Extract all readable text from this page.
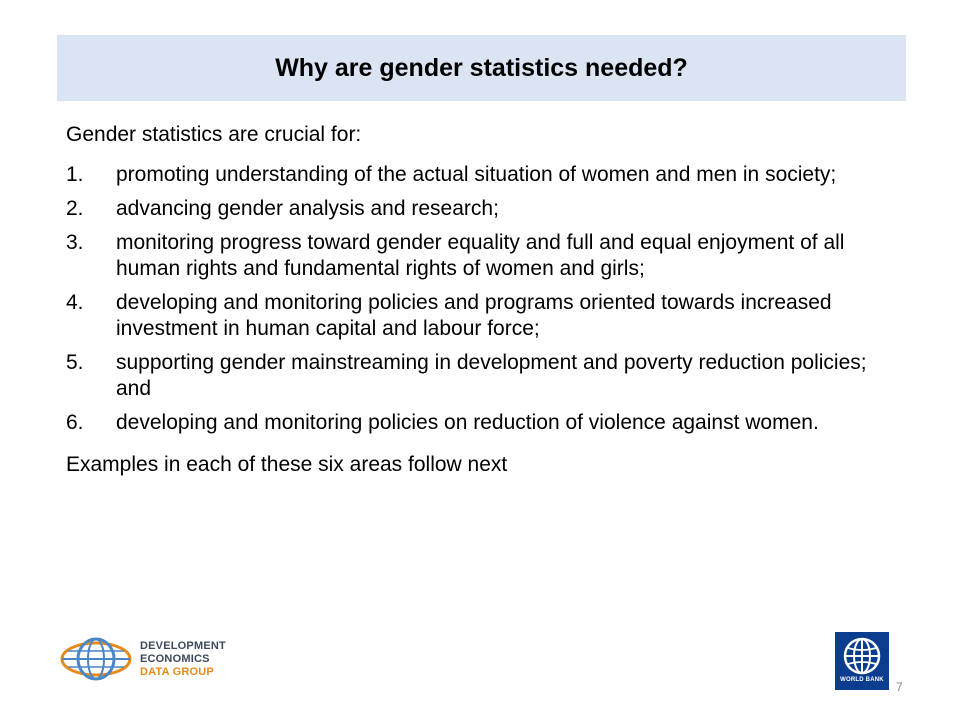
Why are gender statistics needed?

Gender statistics are crucial for:

1.	promoting understanding of the actual situation of women and men in society;
2.	advancing gender analysis and research;
3.	monitoring progress toward gender equality and full and equal enjoyment of all human rights and fundamental rights of women and girls;
4.	developing and monitoring policies and programs oriented towards increased investment in human capital and labour force;
5.	supporting gender mainstreaming in development and poverty reduction policies; and
6.	developing and monitoring policies on reduction of violence against women.

Examples in each of these six areas follow next

DEVELOPMENT ECONOMICS
DATA GROUP
WORLD BANK 7
